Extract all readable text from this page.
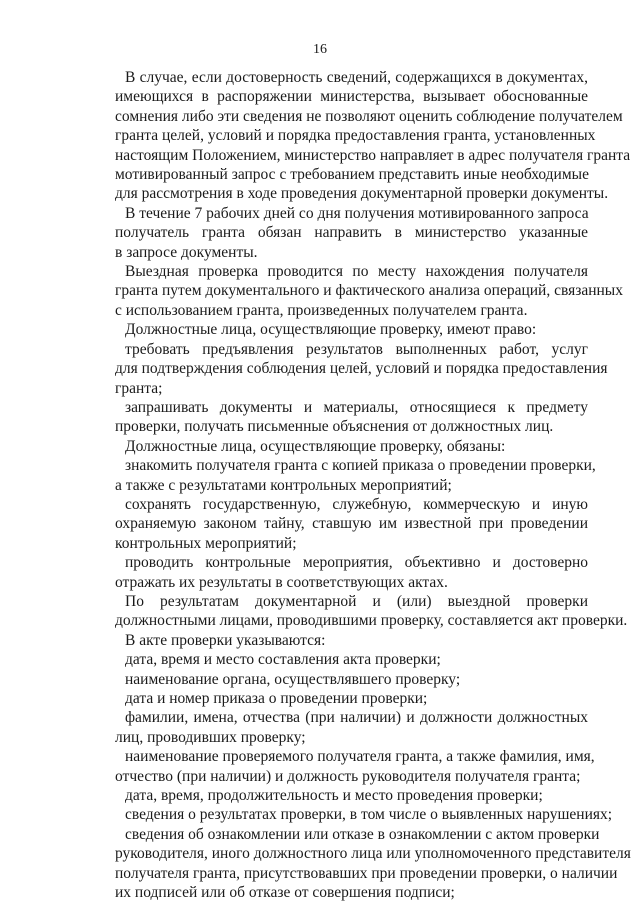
16
В случае, если достоверность сведений, содержащихся в документах,
имеющихся в распоряжении министерства, вызывает обоснованные
сомнения либо эти сведения не позволяют оценить соблюдение получателем
гранта целей, условий и порядка предоставления гранта, установленных
настоящим Положением, министерство направляет в адрес получателя гранта
мотивированный запрос с требованием представить иные необходимые
для рассмотрения в ходе проведения документарной проверки документы.
В течение 7 рабочих дней со дня получения мотивированного запроса
получатель гранта обязан направить в министерство указанные
в запросе документы.
Выездная проверка проводится по месту нахождения получателя
гранта путем документального и фактического анализа операций, связанных
с использованием гранта, произведенных получателем гранта.
Должностные лица, осуществляющие проверку, имеют право:
требовать предъявления результатов выполненных работ, услуг
для подтверждения соблюдения целей, условий и порядка предоставления
гранта;
запрашивать документы и материалы, относящиеся к предмету
проверки, получать письменные объяснения от должностных лиц.
Должностные лица, осуществляющие проверку, обязаны:
знакомить получателя гранта с копией приказа о проведении проверки,
а также с результатами контрольных мероприятий;
сохранять государственную, служебную, коммерческую и иную
охраняемую законом тайну, ставшую им известной при проведении
контрольных мероприятий;
проводить контрольные мероприятия, объективно и достоверно
отражать их результаты в соответствующих актах.
По результатам документарной и (или) выездной проверки
должностными лицами, проводившими проверку, составляется акт проверки.
В акте проверки указываются:
дата, время и место составления акта проверки;
наименование органа, осуществлявшего проверку;
дата и номер приказа о проведении проверки;
фамилии, имена, отчества (при наличии) и должности должностных
лиц, проводивших проверку;
наименование проверяемого получателя гранта, а также фамилия, имя,
отчество (при наличии) и должность руководителя получателя гранта;
дата, время, продолжительность и место проведения проверки;
сведения о результатах проверки, в том числе о выявленных нарушениях;
сведения об ознакомлении или отказе в ознакомлении с актом проверки
руководителя, иного должностного лица или уполномоченного представителя
получателя гранта, присутствовавших при проведении проверки, о наличии
их подписей или об отказе от совершения подписи;
